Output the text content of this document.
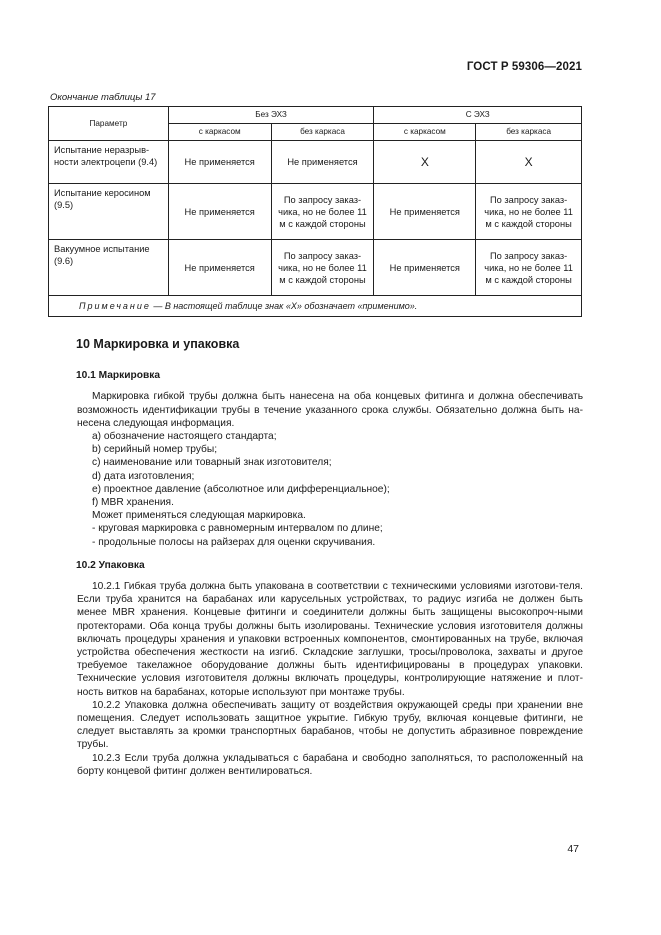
ГОСТ Р 59306—2021
Окончание таблицы 17
Параметр	Без ЭХЗ		С ЭХЗ	
	с каркасом	без каркаса	с каркасом	без каркаса
Испытание неразрыв-ности электроцепи (9.4)	Не применяется	Не применяется	Х	Х
Испытание керосином (9.5)	Не применяется	По запросу заказ-чика, но не более 11 м с каждой стороны	Не применяется	По запросу заказ-чика, но не более 11 м с каждой стороны
Вакуумное испытание (9.6)	Не применяется	По запросу заказ-чика, но не более 11 м с каждой стороны	Не применяется	По запросу заказ-чика, но не более 11 м с каждой стороны
Примечание — В настоящей таблице знак «Х» обозначает «применимо».				
10 Маркировка и упаковка
10.1 Маркировка

Маркировка гибкой трубы должна быть нанесена на оба концевых фитинга и должна обеспечивать возможность идентификации трубы в течение указанного срока службы. Обязательно должна быть на-несена следующая информация.

а) обозначение настоящего стандарта;

b) серийный номер трубы;

c) наименование или товарный знак изготовителя;

d) дата изготовления;

e) проектное давление (абсолютное или дифференциальное);

f) MBR хранения.

Может применяться следующая маркировка.

- круговая маркировка с равномерным интервалом по длине;

- продольные полосы на райзерах для оценки скручивания.

10.2 Упаковка

10.2.1 Гибкая труба должна быть упакована в соответствии с техническими условиями изготови-теля. Если труба хранится на барабанах или карусельных устройствах, то радиус изгиба не должен быть менее MBR хранения. Концевые фитинги и соединители должны быть защищены высокопроч-ными протекторами. Оба конца трубы должны быть изолированы. Технические условия изготовителя должны включать процедуры хранения и упаковки встроенных компонентов, смонтированных на трубе, включая устройства обеспечения жесткости на изгиб. Складские заглушки, тросы/проволока, захваты и другое требуемое такелажное оборудование должны быть идентифицированы в процедурах упаковки. Технические условия изготовителя должны включать процедуры, контролирующие натяжение и плот-ность витков на барабанах, которые используют при монтаже трубы.

10.2.2 Упаковка должна обеспечивать защиту от воздействия окружающей среды при хранении вне помещения. Следует использовать защитное укрытие. Гибкую трубу, включая концевые фитинги, не следует выставлять за кромки транспортных барабанов, чтобы не допустить абразивное повреждение трубы.

10.2.3 Если труба должна укладываться с барабана и свободно заполняться, то расположенный на борту концевой фитинг должен вентилироваться.

47
